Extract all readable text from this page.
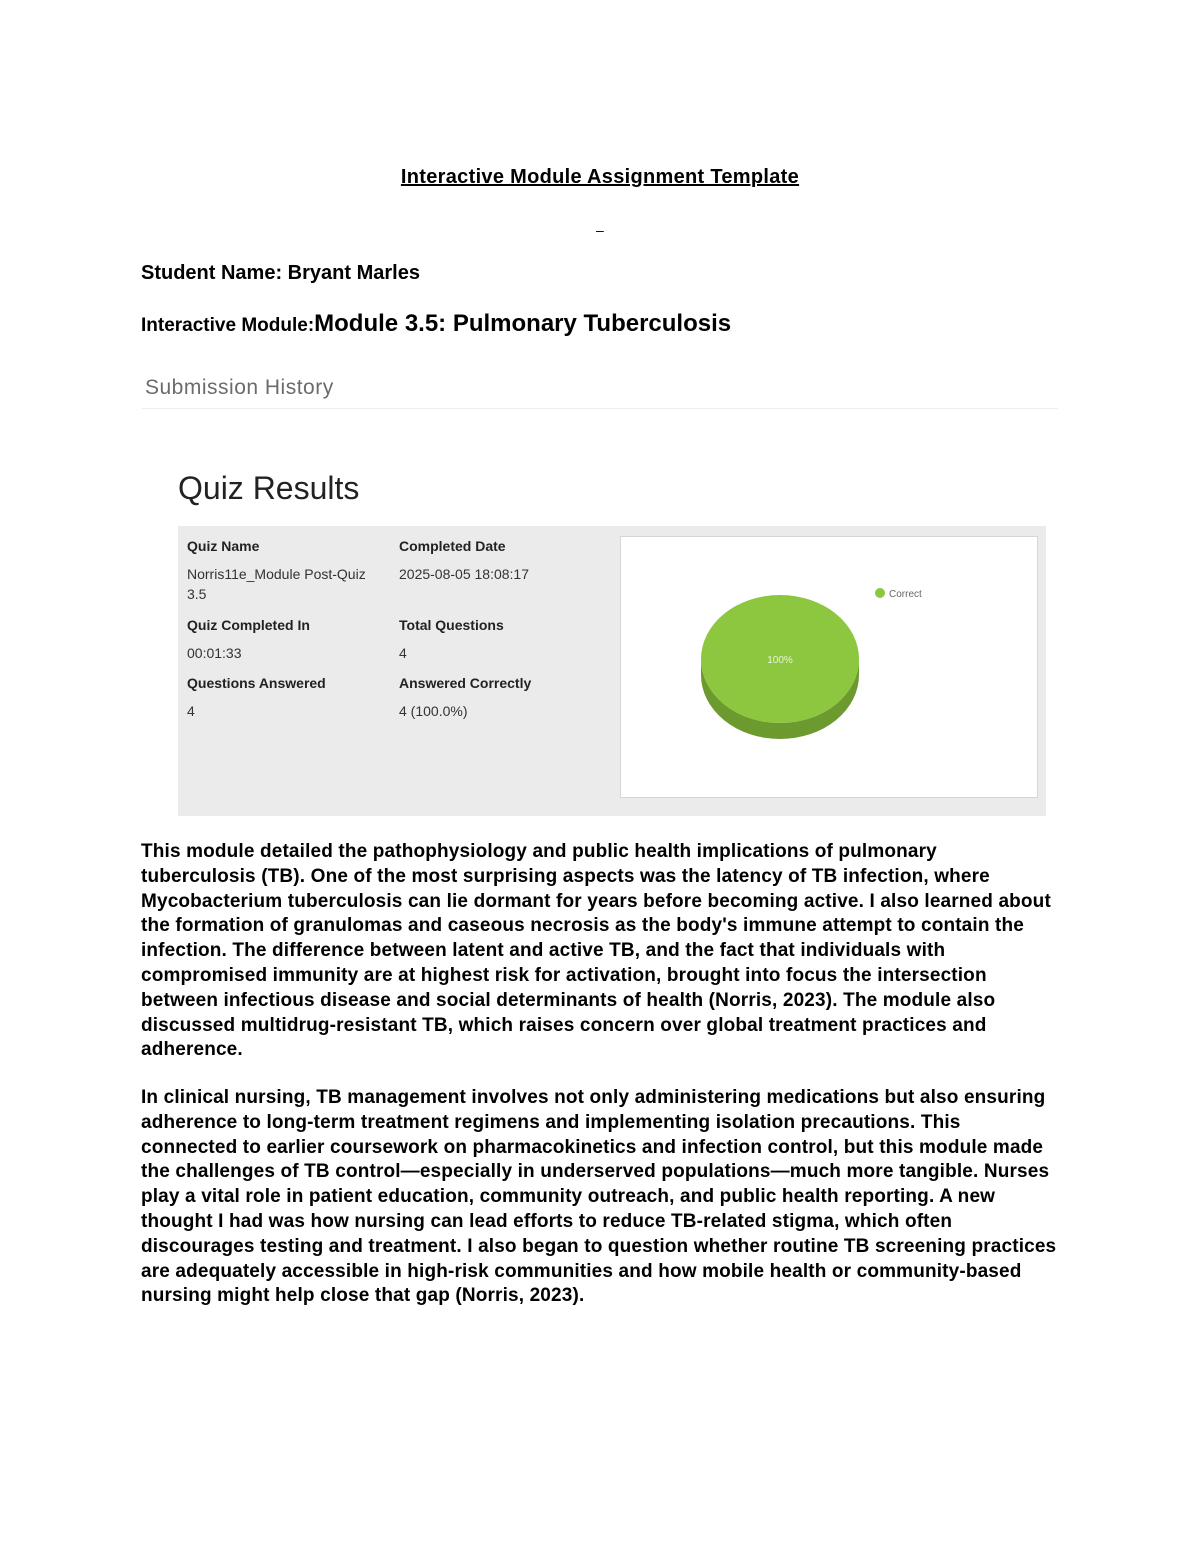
Interactive Module Assignment Template
–
Student Name: Bryant Marles
Interactive Module:Module 3.5: Pulmonary Tuberculosis
Submission History
Quiz Results
Quiz Name
Norris11e_Module Post-Quiz 3.5
Completed Date
2025-08-05 18:08:17
Quiz Completed In
00:01:33
Total Questions
4
Questions Answered
4
Answered Correctly
4 (100.0%)
100%
Correct
This module detailed the pathophysiology and public health implications of pulmonary tuberculosis (TB). One of the most surprising aspects was the latency of TB infection, where Mycobacterium tuberculosis can lie dormant for years before becoming active. I also learned about the formation of granulomas and caseous necrosis as the body's immune attempt to contain the infection. The difference between latent and active TB, and the fact that individuals with compromised immunity are at highest risk for activation, brought into focus the intersection between infectious disease and social determinants of health (Norris, 2023). The module also discussed multidrug-resistant TB, which raises concern over global treatment practices and adherence.
In clinical nursing, TB management involves not only administering medications but also ensuring adherence to long-term treatment regimens and implementing isolation precautions. This connected to earlier coursework on pharmacokinetics and infection control, but this module made the challenges of TB control—especially in underserved populations—much more tangible. Nurses play a vital role in patient education, community outreach, and public health reporting. A new thought I had was how nursing can lead efforts to reduce TB-related stigma, which often discourages testing and treatment. I also began to question whether routine TB screening practices are adequately accessible in high-risk communities and how mobile health or community-based nursing might help close that gap (Norris, 2023).
